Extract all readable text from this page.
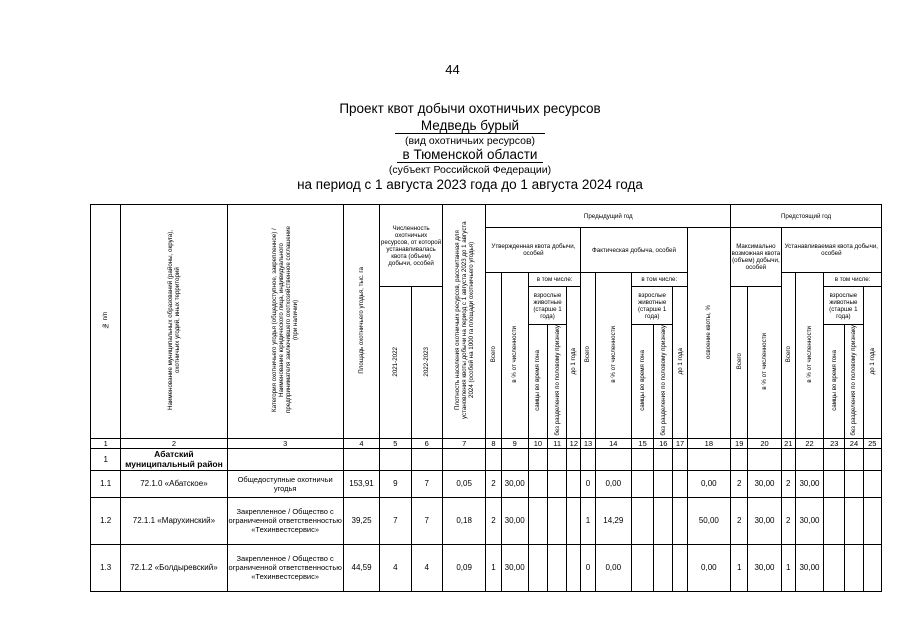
44
Проект квот добычи охотничьих ресурсов
Медведь бурый
(вид охотничьих ресурсов)
в Тюменской области
(субъект Российской Федерации)
на период с 1 августа 2023 года до 1 августа 2024 года
№ п/п	Наименование муниципальных образований (районы, округа), охотничьих угодий, иных территорий	Категория охотничьего угодья (общедоступное, закрепленное) / Наименование юридического лица, индивидуального предпринимателя заключившего охотхозяйственное соглашение (при наличии)	Площадь охотничьего угодья, тыс. га	Численность охотничьих ресурсов, от которой устанавливалась квота (объем) добычи, особей		Плотность населения охотничьих ресурсов, рассчитанная для установления квоты добычи на период с 1 августа 2023 до 1 августа 2024 (особей на 1000 га площади охотничьего угодья)	Предыдущий год											Предстоящий год						
							Утвержденная квота добычи, особей					Фактическая добыча, особей					освоение квоты, %	Максимально возможная квота (объем) добычи, особей		Устанавливаемая квота добычи, особей				
							Всего	в % от численности	в том числе:			Всего	в % от численности	в том числе:						Всего	в % от численности	в том числе:		
				2021-2022	2022-2023				взрослые животные (старше 1 года)		до 1 года			взрослые животные (старше 1 года)		до 1 года		Всего	в % от численности			взрослые животные (старше 1 года)		до 1 года
									самцы во время гона	без разделения по половому признаку				самцы во время гона	без разделения по половому признаку							самцы во время гона	без разделения по половому признаку	
1	2	3	4	5	6	7	8	9	10	11	12	13	14	15	16	17	18	19	20	21	22	23	24	25
1	Абатский муниципальный район																							
1.1	72.1.0 «Абатское»	Общедоступные охотничьи угодья	153,91	9	7	0,05	2	30,00				0	0,00				0,00	2	30,00	2	30,00			
1.2	72.1.1 «Маруxинский»	Закрепленное / Общество с ограниченной ответственностью «Техинвестсервис»	39,25	7	7	0,18	2	30,00				1	14,29				50,00	2	30,00	2	30,00			
1.3	72.1.2 «Болдыревский»	Закрепленное / Общество с ограниченной ответственностью «Техинвестсервис»	44,59	4	4	0,09	1	30,00				0	0,00				0,00	1	30,00	1	30,00			
